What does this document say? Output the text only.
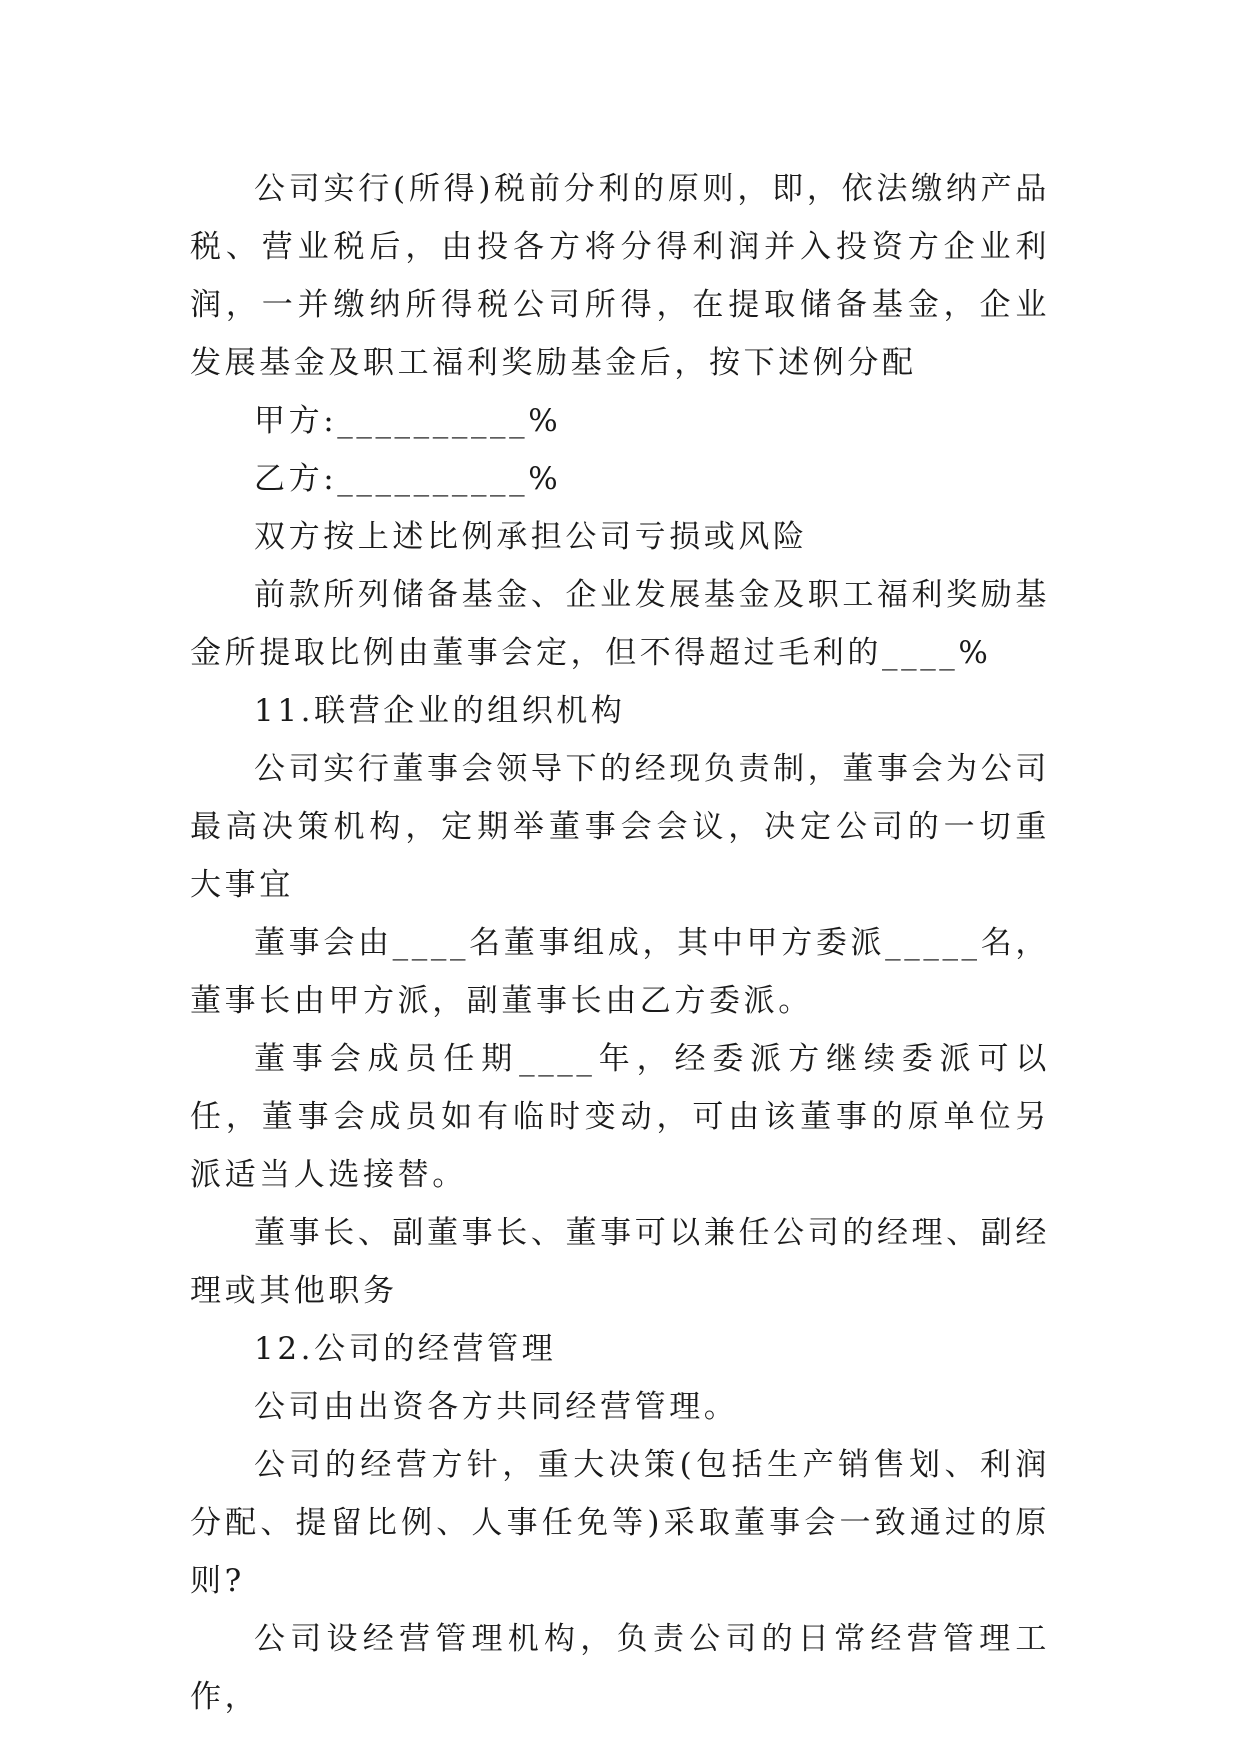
公司实行(所得)税前分利的原则，即，依法缴纳产品税、营业税后，由投各方将分得利润并入投资方企业利润，一并缴纳所得税公司所得，在提取储备基金，企业发展基金及职工福利奖励基金后，按下述例分配

甲方:__________%

乙方:__________%

双方按上述比例承担公司亏损或风险

前款所列储备基金、企业发展基金及职工福利奖励基金所提取比例由董事会定，但不得超过毛利的____%

11.联营企业的组织机构

公司实行董事会领导下的经现负责制，董事会为公司最高决策机构，定期举董事会会议，决定公司的一切重大事宜

董事会由____名董事组成，其中甲方委派_____名，董事长由甲方派，副董事长由乙方委派。

董事会成员任期____年，经委派方继续委派可以任，董事会成员如有临时变动，可由该董事的原单位另派适当人选接替。

董事长、副董事长、董事可以兼任公司的经理、副经理或其他职务

12.公司的经营管理

公司由出资各方共同经营管理。

公司的经营方针，重大决策(包括生产销售划、利润分配、提留比例、人事任免等)采取董事会一致通过的原则?

公司设经营管理机构，负责公司的日常经营管理工作，
